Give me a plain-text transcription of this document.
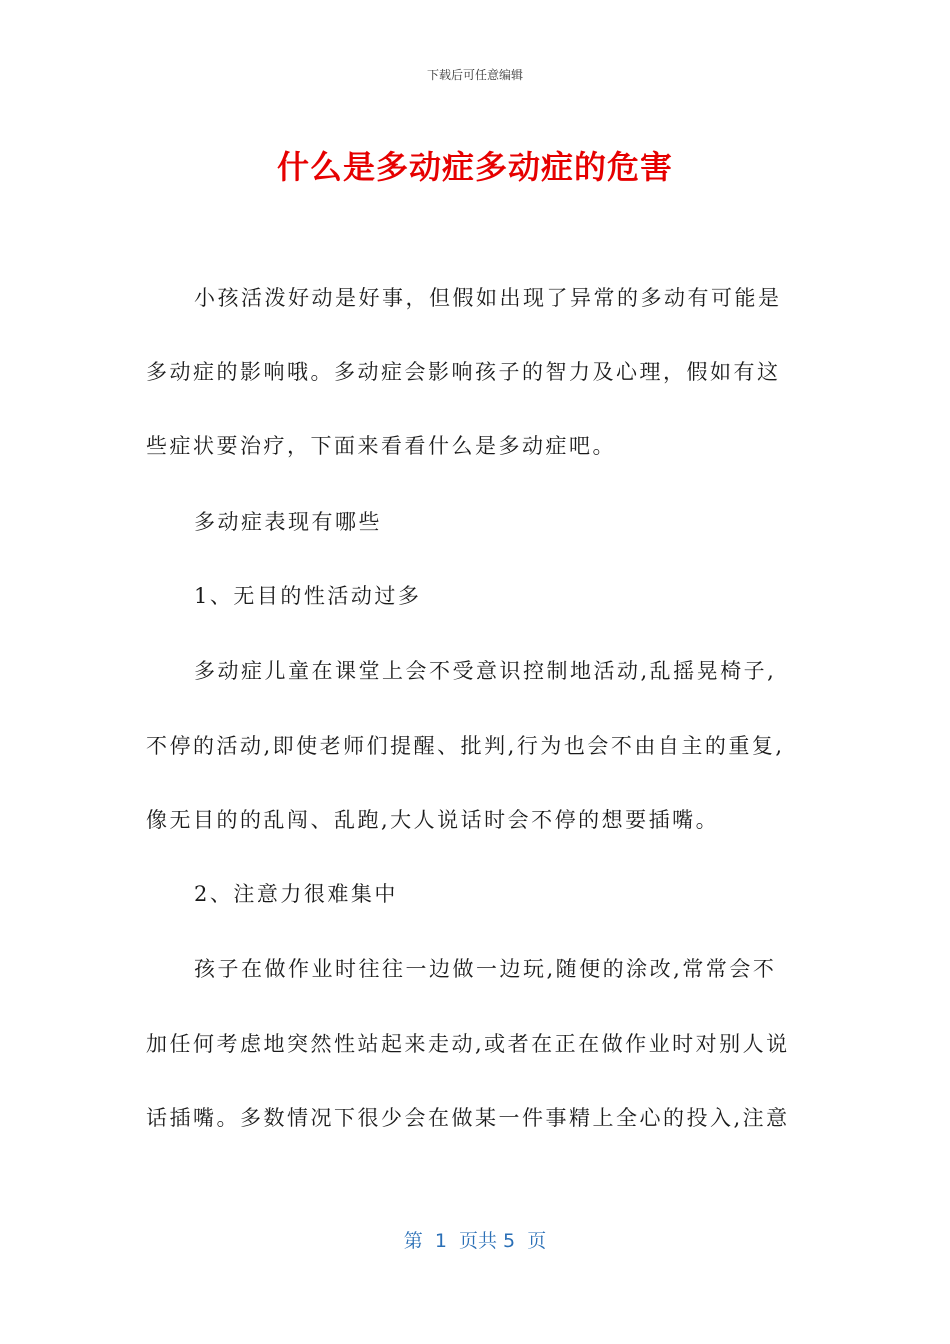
下载后可任意编辑
什么是多动症多动症的危害

小孩活泼好动是好事，但假如出现了异常的多动有可能是

多动症的影响哦。多动症会影响孩子的智力及心理，假如有这

些症状要治疗，下面来看看什么是多动症吧。

多动症表现有哪些

1、无目的性活动过多

多动症儿童在课堂上会不受意识控制地活动,乱摇晃椅子,

不停的活动,即使老师们提醒、批判,行为也会不由自主的重复,

像无目的的乱闯、乱跑,大人说话时会不停的想要插嘴。

2、注意力很难集中

孩子在做作业时往往一边做一边玩,随便的涂改,常常会不

加任何考虑地突然性站起来走动,或者在正在做作业时对别人说

话插嘴。多数情况下很少会在做某一件事精上全心的投入,注意

第  1  页共 5  页
